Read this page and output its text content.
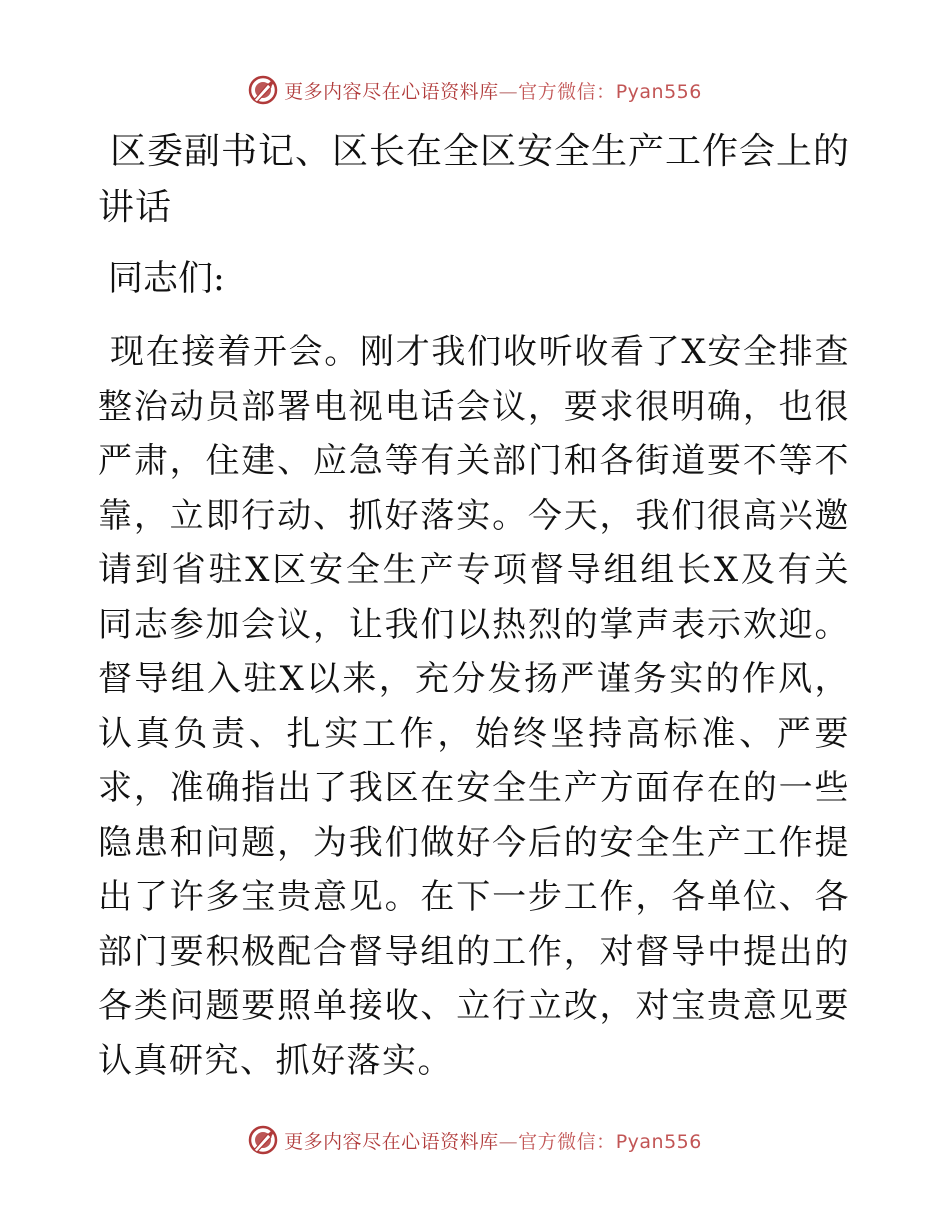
更多内容尽在心语资料库—官方微信：Pyan556
区委副书记、区长在全区安全生产工作会上的讲话

同志们:

现在接着开会。刚才我们收听收看了X安全排查整治动员部署电视电话会议，要求很明确，也很严肃，住建、应急等有关部门和各街道要不等不靠，立即行动、抓好落实。今天，我们很高兴邀请到省驻X区安全生产专项督导组组长X及有关同志参加会议，让我们以热烈的掌声表示欢迎。督导组入驻X以来，充分发扬严谨务实的作风，认真负责、扎实工作，始终坚持高标准、严要求，准确指出了我区在安全生产方面存在的一些隐患和问题，为我们做好今后的安全生产工作提出了许多宝贵意见。在下一步工作，各单位、各部门要积极配合督导组的工作，对督导中提出的各类问题要照单接收、立行立改，对宝贵意见要认真研究、抓好落实。

更多内容尽在心语资料库—官方微信：Pyan556
